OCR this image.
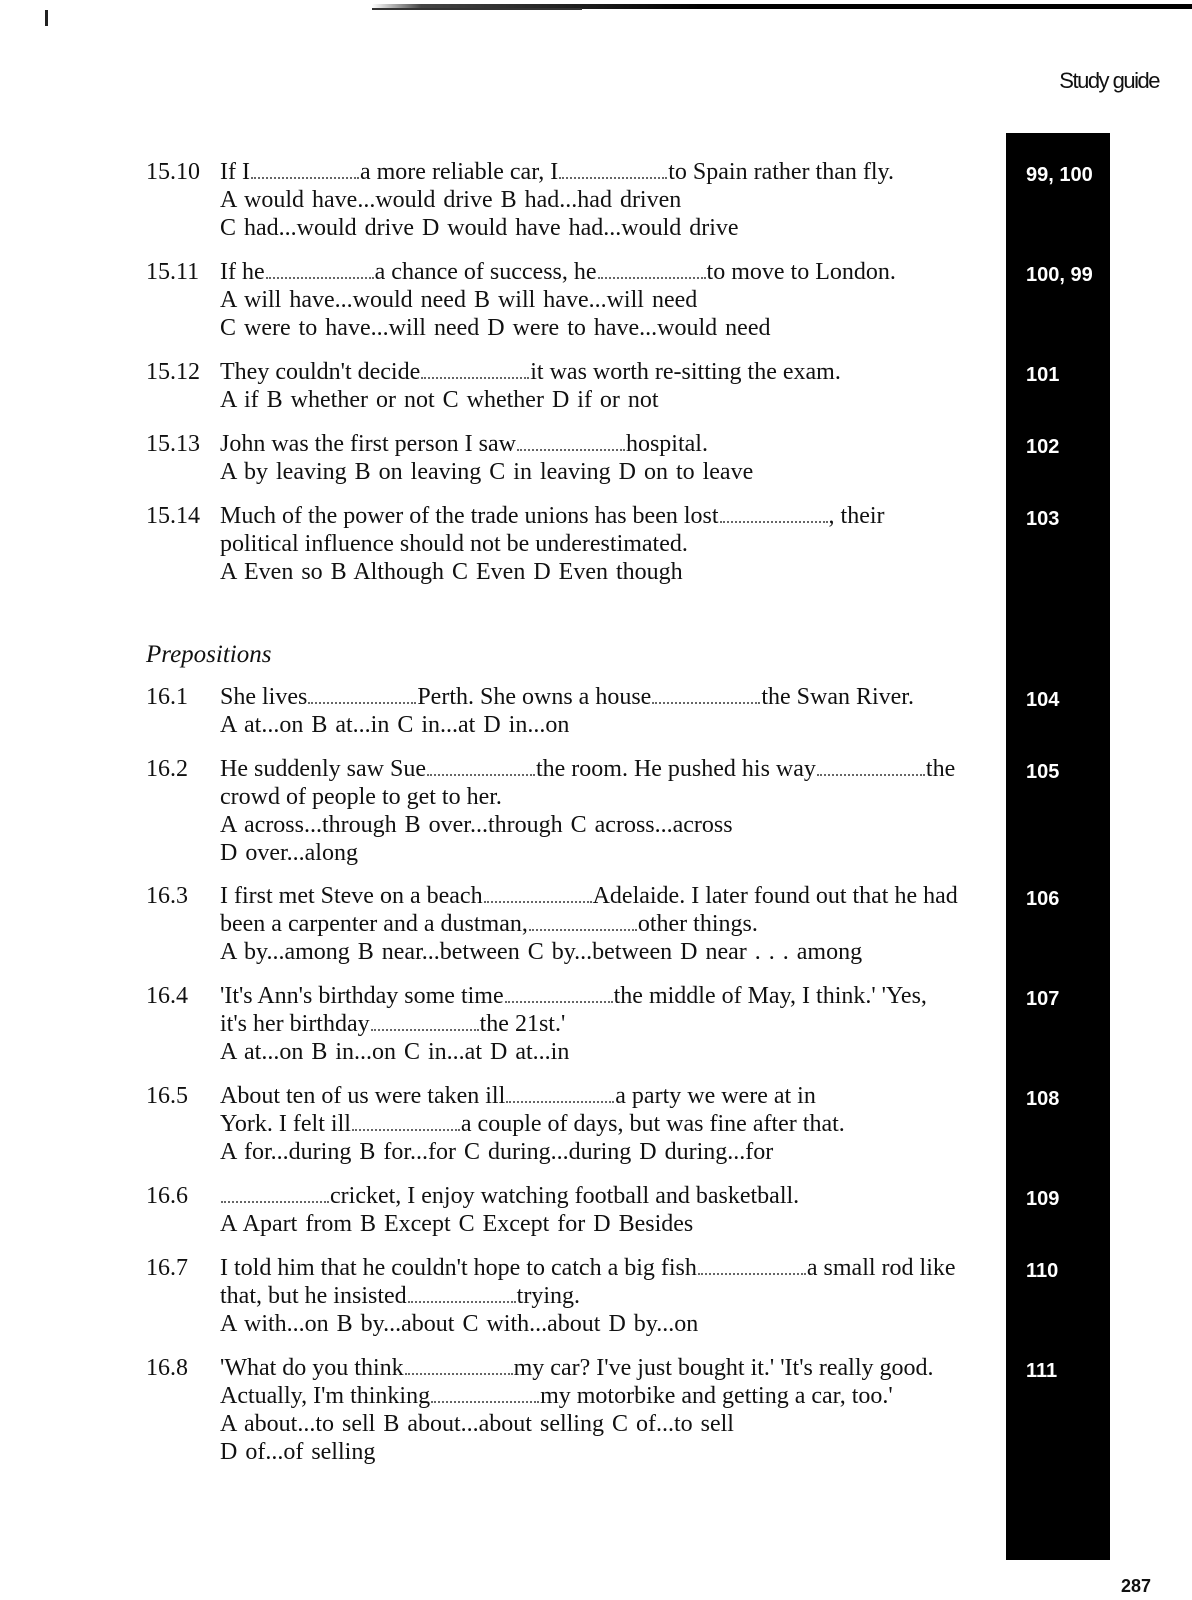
Study guide
Prepositions
15.10 If I	a more reliable car, I	to Spain rather than fly.
A would have...would drive B had...had driven
C had...would drive D would have had...would drive
99, 100
15.11 If he	a chance of success, he	to move to London.
A will have...would need B will have...will need
C were to have...will need D were to have...would need
100, 99
15.12 They couldn't decide	it was worth re-sitting the exam.
A if B whether or not C whether D if or not
101
15.13 John was the first person I saw	hospital.
A by leaving B on leaving C in leaving D on to leave
102
15.14 Much of the power of the trade unions has been lost	, their
political influence should not be underestimated.
A Even so B Although C Even D Even though
103
16.1 She lives	Perth. She owns a house	the Swan River.
A at...on B at...in C in...at D in...on
104
16.2 He suddenly saw Sue	the room. He pushed his way	the
crowd of people to get to her.
A across...through B over...through C across...across
D over...along
105
16.3 I first met Steve on a beach	Adelaide. I later found out that he had
been a carpenter and a dustman,	other things.
A by...among B near...between C by...between D near . . . among
106
16.4 'It's Ann's birthday some time	the middle of May, I think.' 'Yes,
it's her birthday	the 21st.'
A at...on B in...on C in...at D at...in
107
16.5 About ten of us were taken ill	a party we were at in
York. I felt ill	a couple of days, but was fine after that.
A for...during B for...for C during...during D during...for
108
16.6	cricket, I enjoy watching football and basketball.
A Apart from B Except C Except for D Besides
109
16.7 I told him that he couldn't hope to catch a big fish	a small rod like
that, but he insisted	trying.
A with...on B by...about C with...about D by...on
110
16.8 'What do you think	my car? I've just bought it.' 'It's really good.
Actually, I'm thinking	my motorbike and getting a car, too.'
A about...to sell B about...about selling C of...to sell
D of...of selling
111
287
